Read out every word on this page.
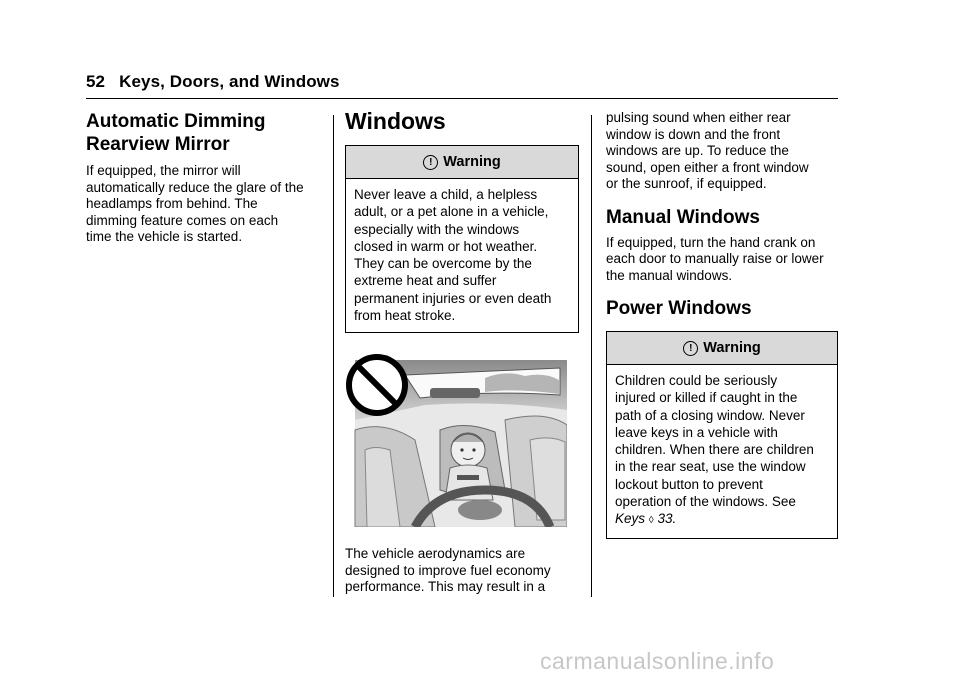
52 Keys, Doors, and Windows
Automatic Dimming
Rearview Mirror
If equipped, the mirror will
automatically reduce the glare of the
headlamps from behind. The
dimming feature comes on each
time the vehicle is started.
Windows
! Warning
Never leave a child, a helpless
adult, or a pet alone in a vehicle,
especially with the windows
closed in warm or hot weather.
They can be overcome by the
extreme heat and suffer
permanent injuries or even death
from heat stroke.
The vehicle aerodynamics are
designed to improve fuel economy
performance. This may result in a
pulsing sound when either rear
window is down and the front
windows are up. To reduce the
sound, open either a front window
or the sunroof, if equipped.
Manual Windows
If equipped, turn the hand crank on
each door to manually raise or lower
the manual windows.
Power Windows
! Warning
Children could be seriously
injured or killed if caught in the
path of a closing window. Never
leave keys in a vehicle with
children. When there are children
in the rear seat, use the window
lockout button to prevent
operation of the windows. See
Keys ◊ 33.
carmanualsonline.info
